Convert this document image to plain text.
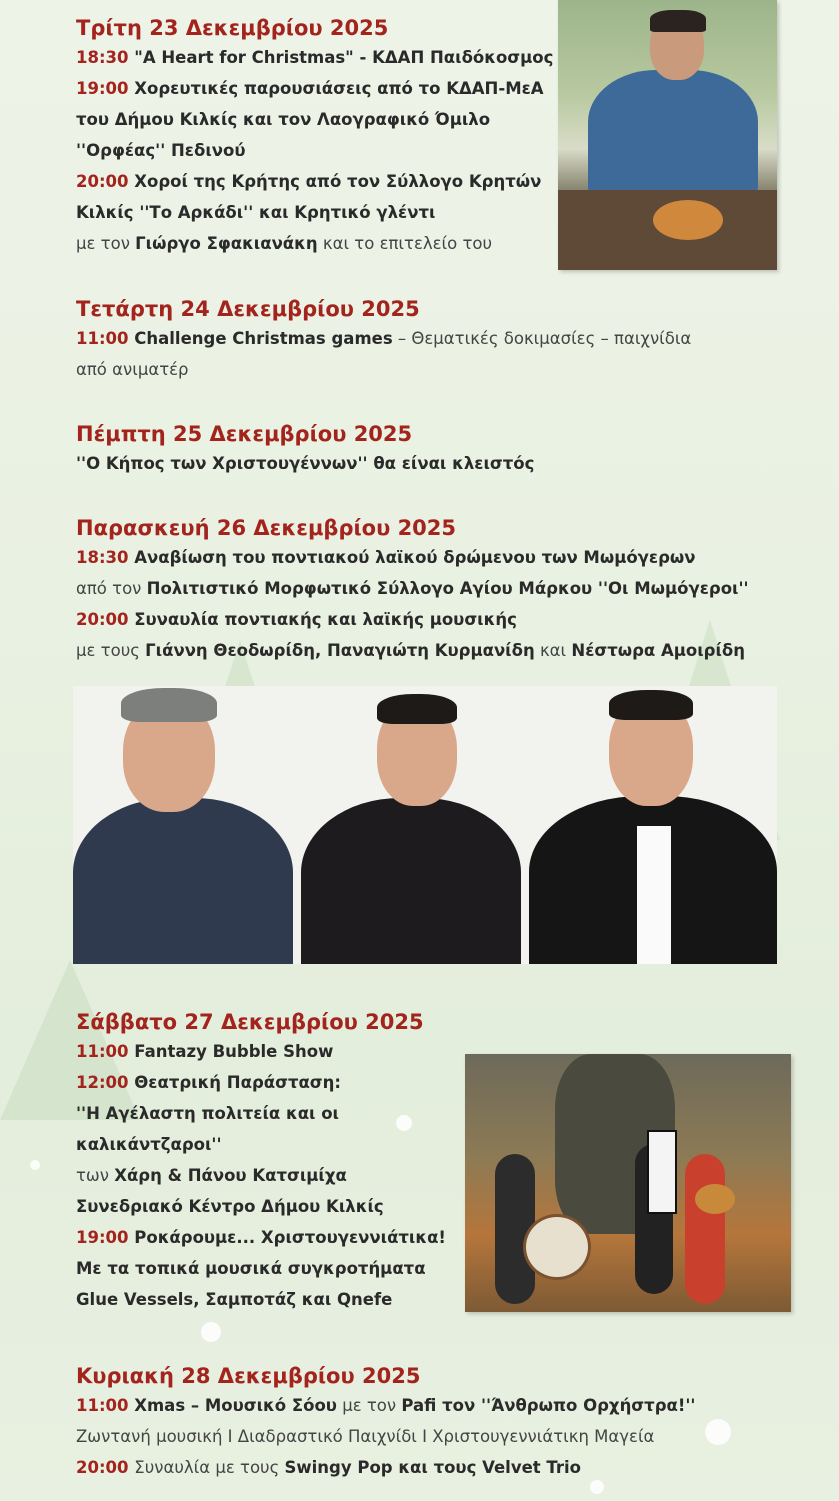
Τρίτη 23 Δεκεμβρίου 2025
18:30 "A Heart for Christmas" - ΚΔΑΠ Παιδόκοσμος
19:00 Χορευτικές παρουσιάσεις από το ΚΔΑΠ-ΜεΑ
του Δήμου Κιλκίς και τον Λαογραφικό Όμιλο
''Ορφέας'' Πεδινού
20:00 Χοροί της Κρήτης από τον Σύλλογο Κρητών
Κιλκίς ''Το Αρκάδι'' και Κρητικό γλέντι
με τον Γιώργο Σφακιανάκη και το επιτελείο του
Τετάρτη 24 Δεκεμβρίου 2025
11:00 Challenge Christmas games – Θεματικές δοκιμασίες – παιχνίδια
από ανιματέρ
Πέμπτη 25 Δεκεμβρίου 2025
''Ο Κήπος των Χριστουγέννων'' θα είναι κλειστός
Παρασκευή 26 Δεκεμβρίου 2025
18:30 Αναβίωση του ποντιακού λαϊκού δρώμενου των Μωμόγερων
από τον Πολιτιστικό Μορφωτικό Σύλλογο Αγίου Μάρκου ''Οι Μωμόγεροι''
20:00 Συναυλία ποντιακής και λαϊκής μουσικής
με τους Γιάννη Θεοδωρίδη, Παναγιώτη Κυρμανίδη και Νέστωρα Αμοιρίδη
Σάββατο 27 Δεκεμβρίου 2025
11:00 Fantazy Bubble Show
12:00 Θεατρική Παράσταση:
''Η Αγέλαστη πολιτεία και οι
καλικάντζαροι''
των Χάρη & Πάνου Κατσιμίχα
Συνεδριακό Κέντρο Δήμου Κιλκίς
19:00 Ροκάρουμε... Χριστουγεννιάτικα!
Με τα τοπικά μουσικά συγκροτήματα
Glue Vessels, Σαμποτάζ και Qnefe
Κυριακή 28 Δεκεμβρίου 2025
11:00 Xmas – Μουσικό Σόου με τον Pafi τον ''Άνθρωπο Ορχήστρα!''
Ζωντανή μουσική Ι Διαδραστικό Παιχνίδι Ι Χριστουγεννιάτικη Μαγεία
20:00 Συναυλία με τους Swingy Pop και τους Velvet Trio
